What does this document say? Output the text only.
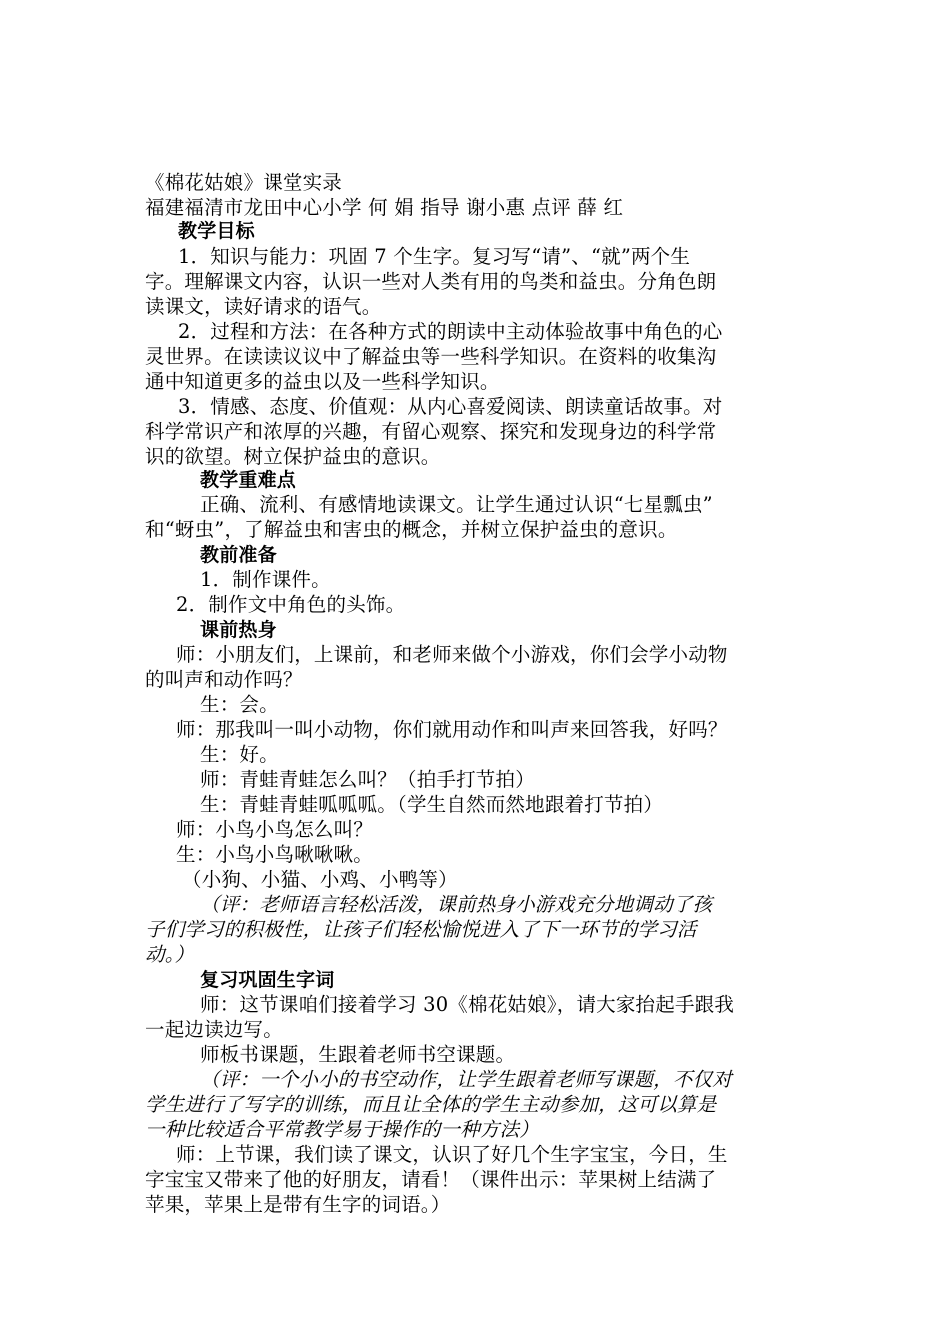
《棉花姑娘》课堂实录
福建福清市龙田中心小学 何 娟 指导 谢小惠 点评 薛 红
教学目标
1．知识与能力：巩固 7 个生字。复习写“请”、“就”两个生
字。理解课文内容，认识一些对人类有用的鸟类和益虫。分角色朗
读课文，读好请求的语气。
2．过程和方法：在各种方式的朗读中主动体验故事中角色的心
灵世界。在读读议议中了解益虫等一些科学知识。在资料的收集沟
通中知道更多的益虫以及一些科学知识。
3．情感、态度、价值观：从内心喜爱阅读、朗读童话故事。对
科学常识产和浓厚的兴趣，有留心观察、探究和发现身边的科学常
识的欲望。树立保护益虫的意识。
教学重难点
正确、流利、有感情地读课文。让学生通过认识“七星瓢虫”
和“蚜虫”，了解益虫和害虫的概念，并树立保护益虫的意识。
教前准备
1．制作课件。
2．制作文中角色的头饰。
课前热身
师：小朋友们，上课前，和老师来做个小游戏，你们会学小动物
的叫声和动作吗？
生：会。
师：那我叫一叫小动物，你们就用动作和叫声来回答我，好吗？
生：好。
师：青蛙青蛙怎么叫？（拍手打节拍）
生：青蛙青蛙呱呱呱。（学生自然而然地跟着打节拍）
师：小鸟小鸟怎么叫？
生：小鸟小鸟啾啾啾。
（小狗、小猫、小鸡、小鸭等）
（评：老师语言轻松活泼，课前热身小游戏充分地调动了孩
子们学习的积极性，让孩子们轻松愉悦进入了下一环节的学习活
动。）
复习巩固生字词
师：这节课咱们接着学习 30《棉花姑娘》，请大家抬起手跟我
一起边读边写。
师板书课题，生跟着老师书空课题。
（评：一个小小的书空动作，让学生跟着老师写课题，不仅对
学生进行了写字的训练，而且让全体的学生主动参加，这可以算是
一种比较适合平常教学易于操作的一种方法）
师：上节课，我们读了课文，认识了好几个生字宝宝，今日，生
字宝宝又带来了他的好朋友，请看！（课件出示：苹果树上结满了
苹果，苹果上是带有生字的词语。）
